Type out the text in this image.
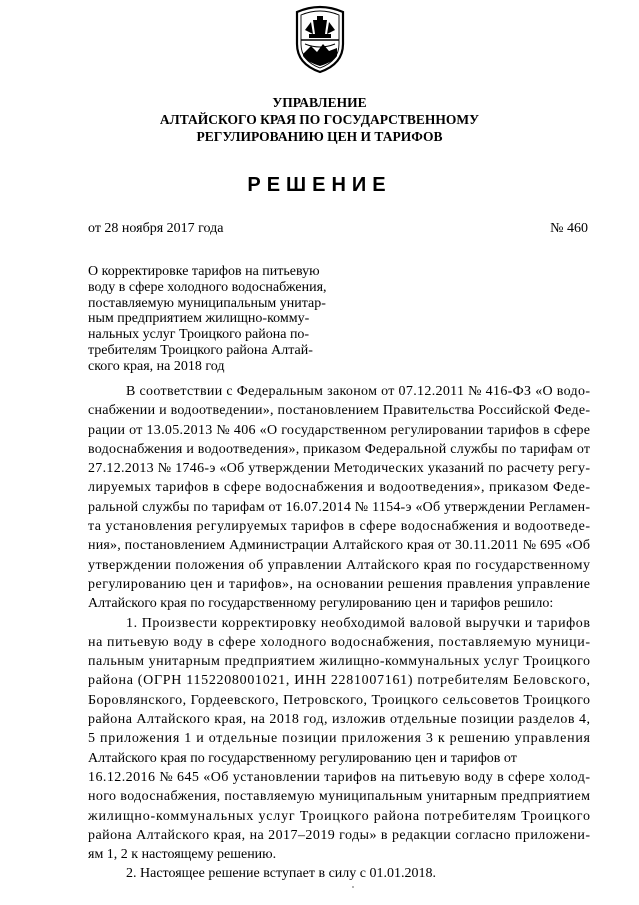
УПРАВЛЕНИЕ
АЛТАЙСКОГО КРАЯ ПО ГОСУДАРСТВЕННОМУ
РЕГУЛИРОВАНИЮ ЦЕН И ТАРИФОВ
РЕШЕНИЕ
от 28 ноября 2017 года	№ 460
О корректировке тарифов на питьевую
воду в сфере холодного водоснабжения,
поставляемую муниципальным унитар-
ным предприятием жилищно-комму-
нальных услуг Троицкого района по-
требителям Троицкого района Алтай-
ского края, на 2018 год
В соответствии с Федеральным законом от 07.12.2011 № 416-ФЗ «О водо-
снабжении и водоотведении», постановлением Правительства Российской Феде-
рации от 13.05.2013 № 406 «О государственном регулировании тарифов в сфере
водоснабжения и водоотведения», приказом Федеральной службы по тарифам от
27.12.2013 № 1746-э «Об утверждении Методических указаний по расчету регу-
лируемых тарифов в сфере водоснабжения и водоотведения», приказом Феде-
ральной службы по тарифам от 16.07.2014 № 1154-э «Об утверждении Регламен-
та установления регулируемых тарифов в сфере водоснабжения и водоотведе-
ния», постановлением Администрации Алтайского края от 30.11.2011 № 695 «Об
утверждении положения об управлении Алтайского края по государственному
регулированию цен и тарифов», на основании решения правления управление
Алтайского края по государственному регулированию цен и тарифов решило:
1. Произвести корректировку необходимой валовой выручки и тарифов
на питьевую воду в сфере холодного водоснабжения, поставляемую муници-
пальным унитарным предприятием жилищно-коммунальных услуг Троицкого
района (ОГРН 1152208001021, ИНН 2281007161) потребителям Беловского,
Боровлянского, Гордеевского, Петровского, Троицкого сельсоветов Троицкого
района Алтайского края, на 2018 год, изложив отдельные позиции разделов 4,
5 приложения 1 и отдельные позиции приложения 3 к решению управления
Алтайского края по государственному регулированию цен и тарифов от
16.12.2016 № 645 «Об установлении тарифов на питьевую воду в сфере холод-
ного водоснабжения, поставляемую муниципальным унитарным предприятием
жилищно-коммунальных услуг Троицкого района потребителям Троицкого
района Алтайского края, на 2017–2019 годы» в редакции согласно приложени-
ям 1, 2 к настоящему решению.
2. Настоящее решение вступает в силу с 01.01.2018.
